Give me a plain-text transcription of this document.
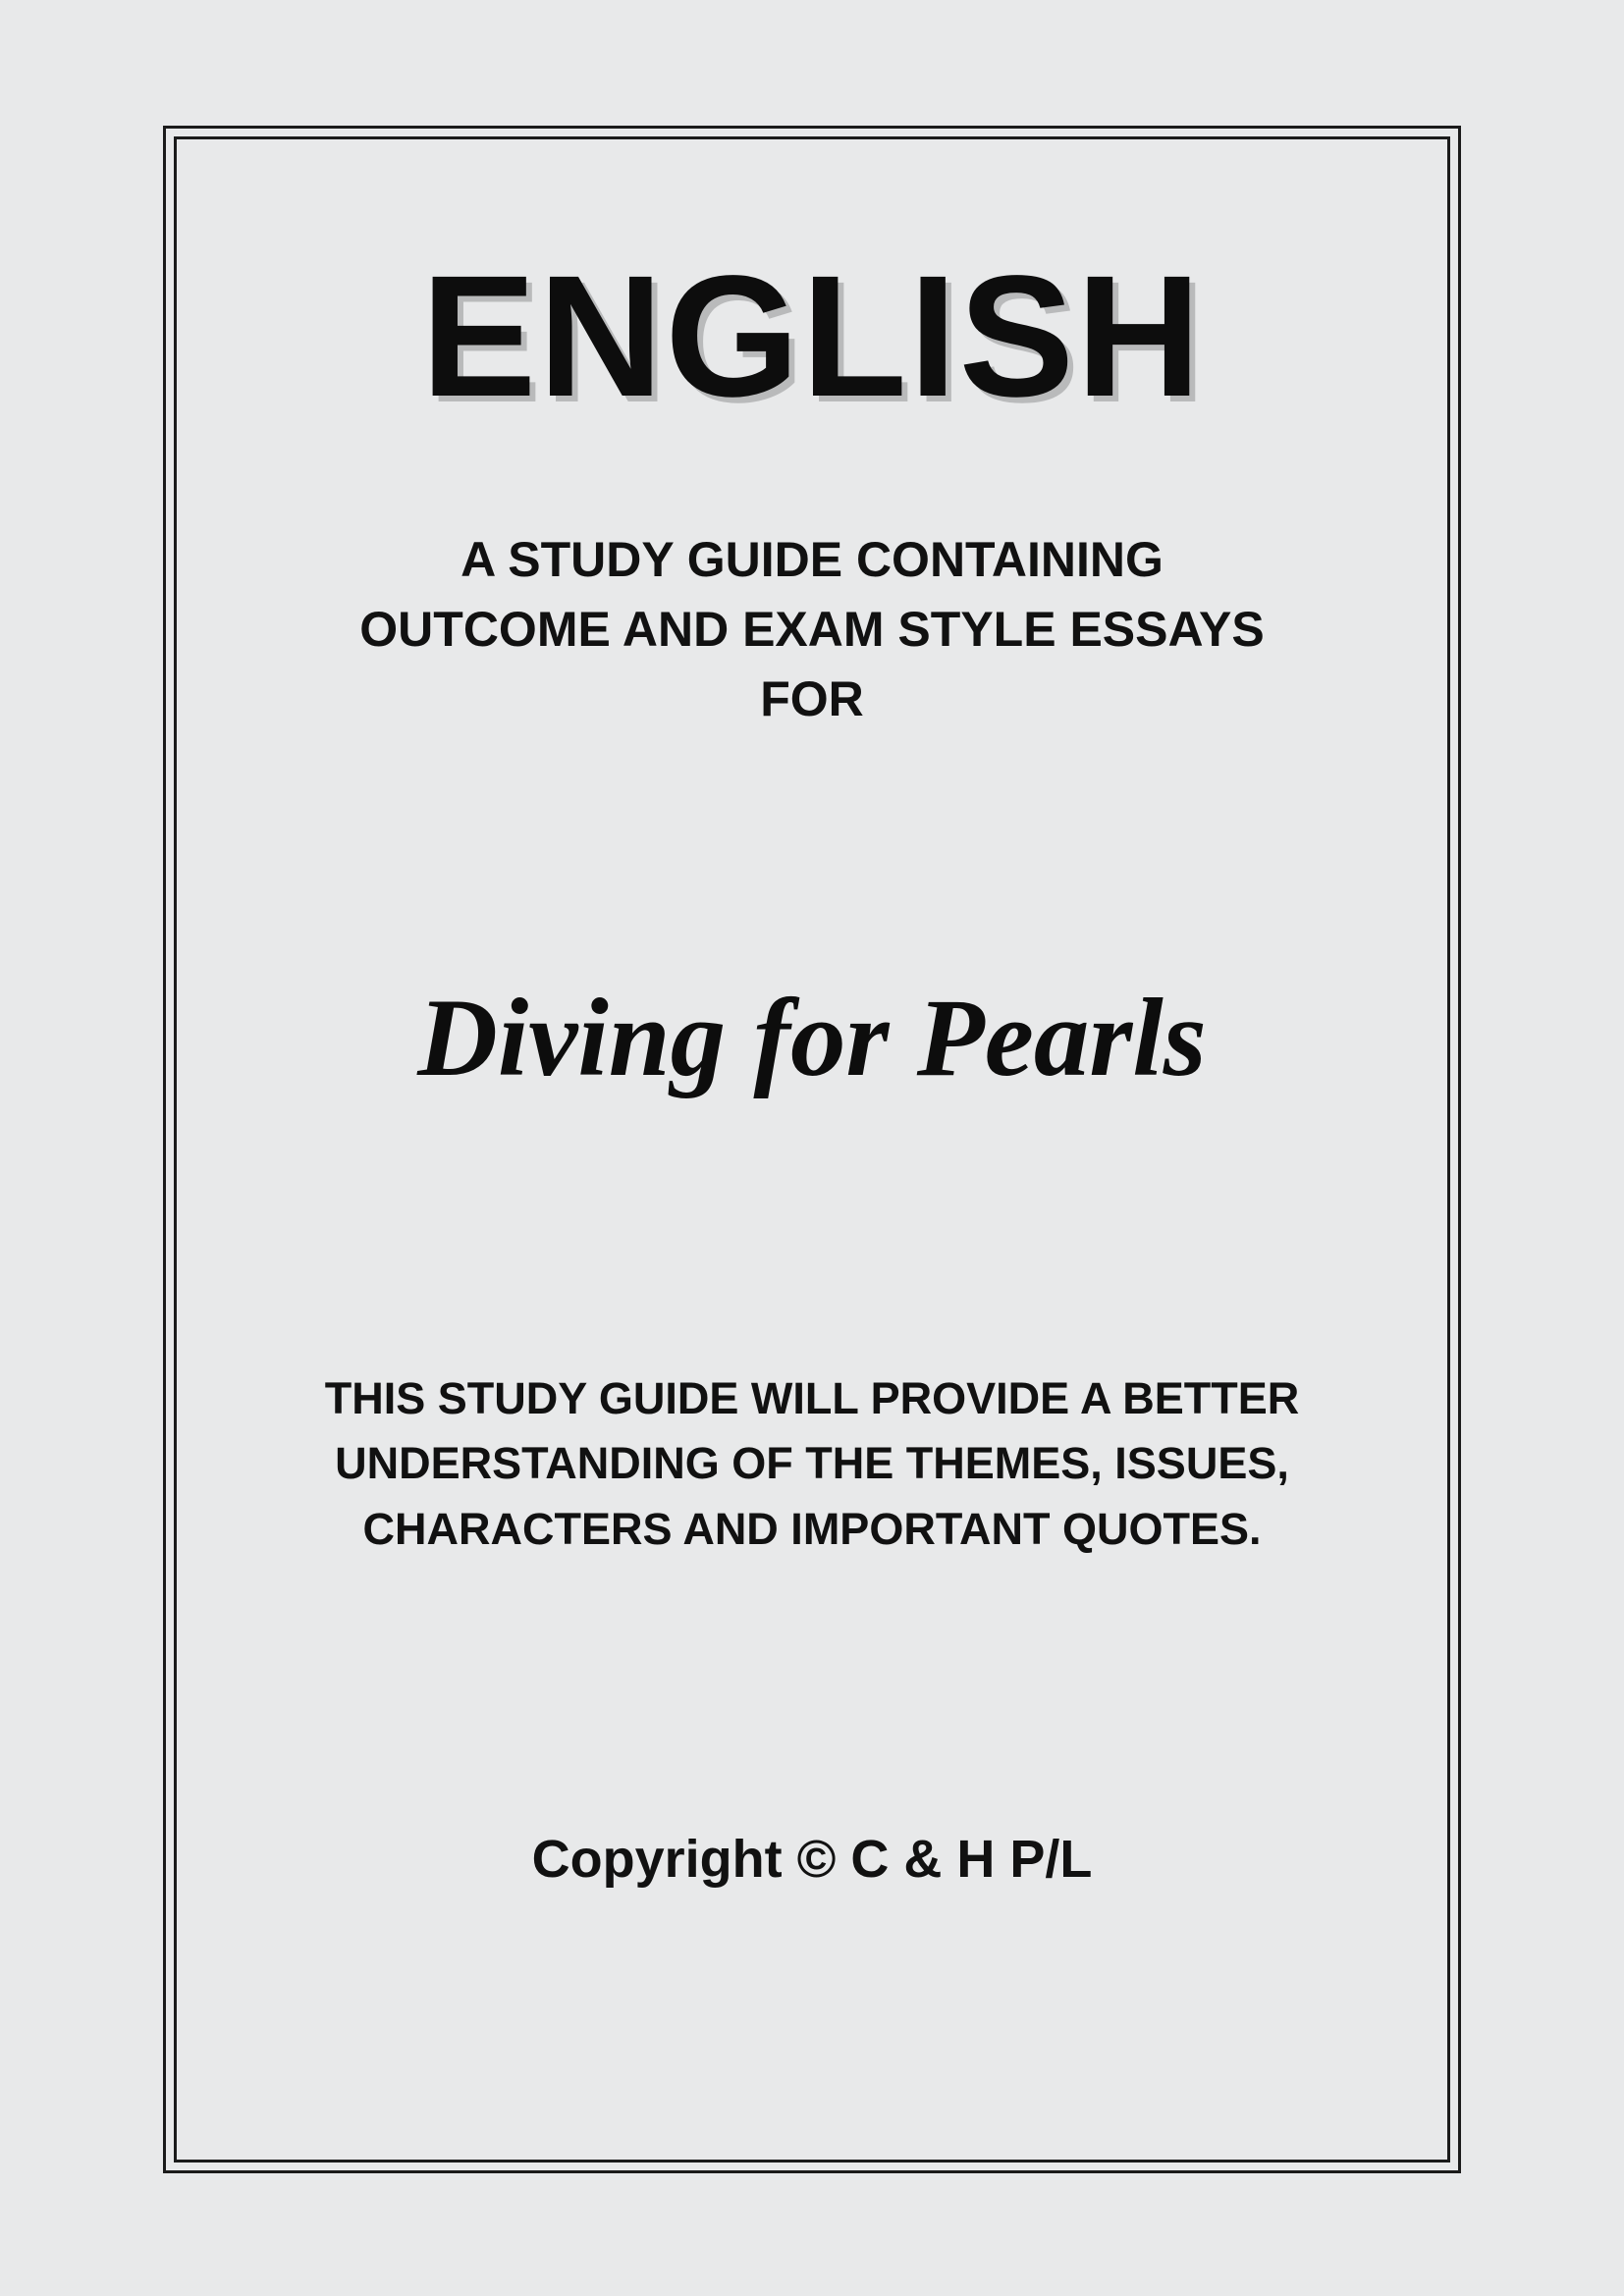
ENGLISH
A STUDY GUIDE CONTAINING
OUTCOME AND EXAM STYLE ESSAYS
FOR
Diving for Pearls
THIS STUDY GUIDE WILL PROVIDE A BETTER
UNDERSTANDING OF THE THEMES, ISSUES,
CHARACTERS AND IMPORTANT QUOTES.
Copyright © C & H P/L
